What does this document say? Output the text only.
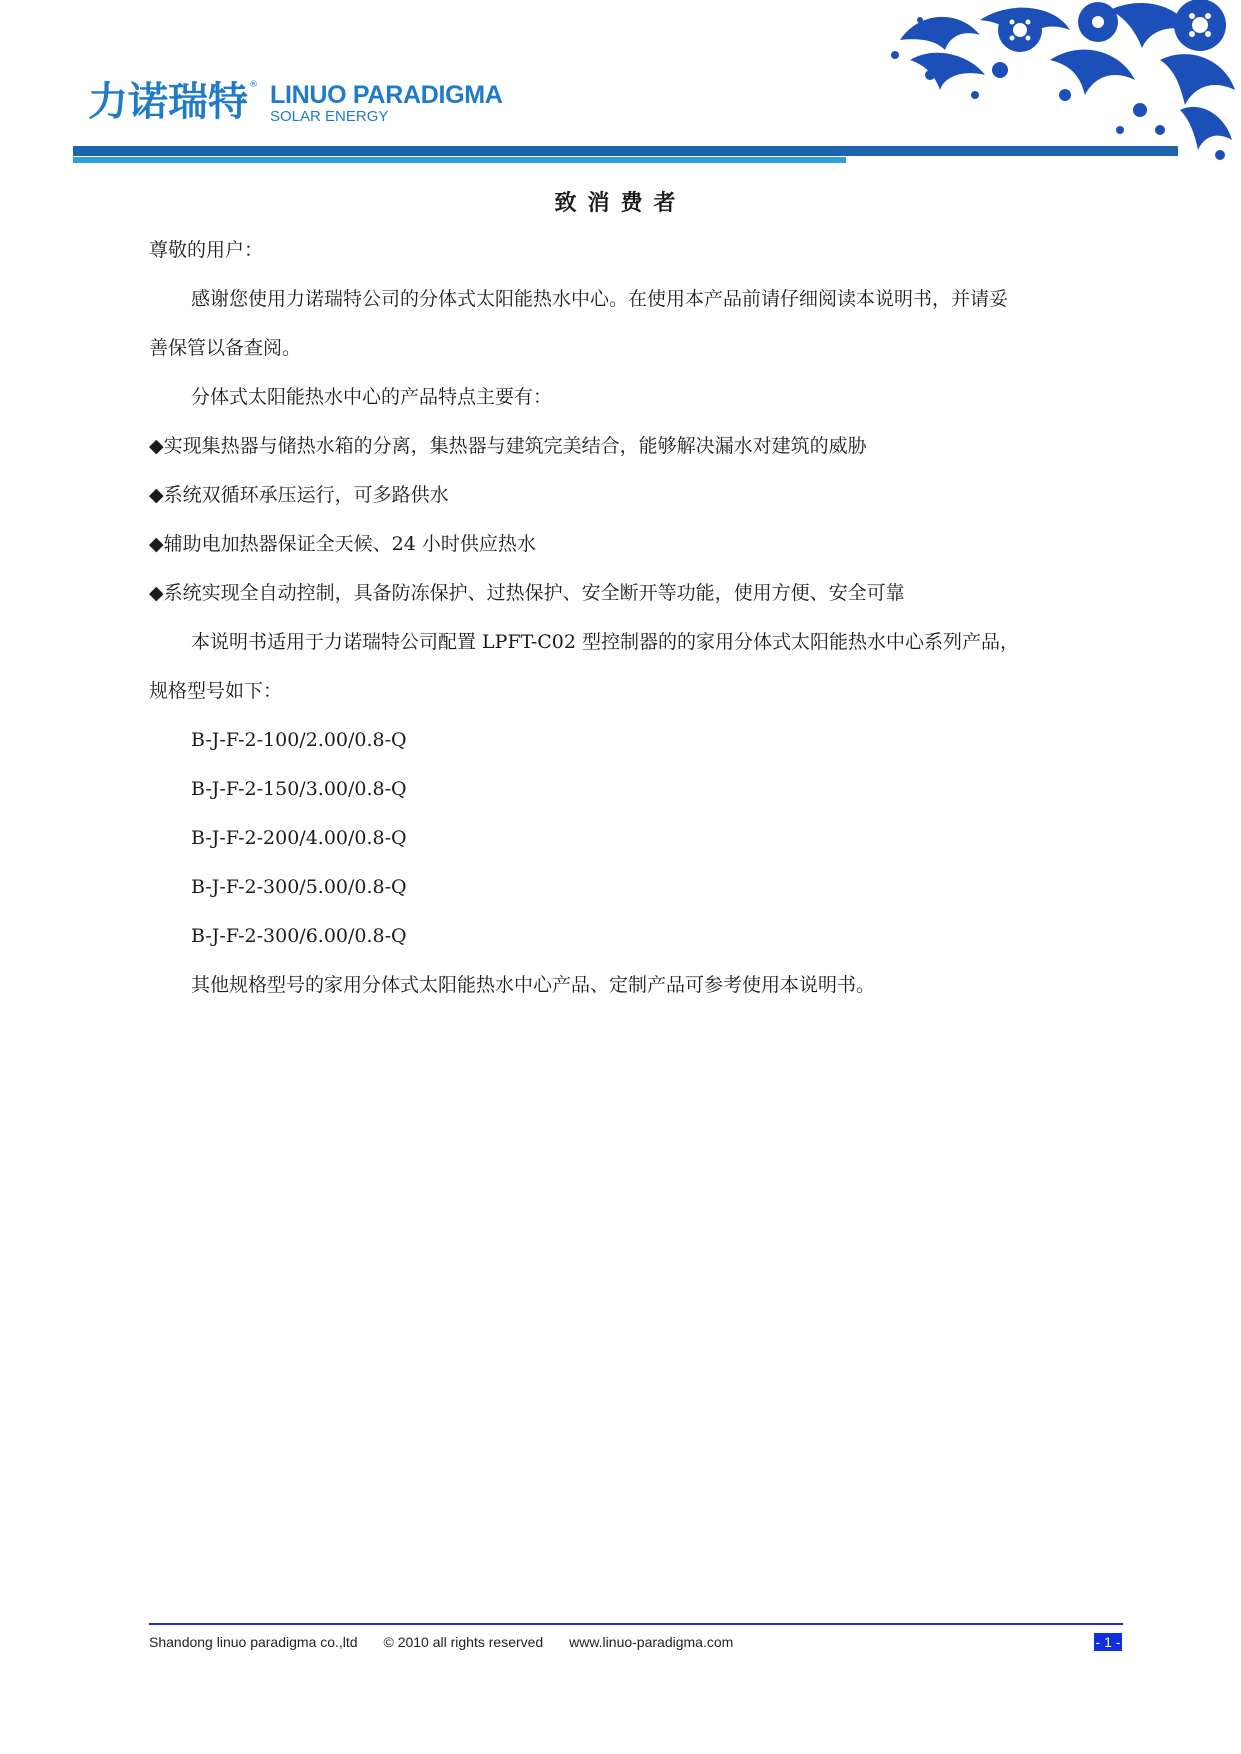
力诺瑞特 ® LINUO PARADIGMA
SOLAR ENERGY
致消费者
尊敬的用户：
感谢您使用力诺瑞特公司的分体式太阳能热水中心。在使用本产品前请仔细阅读本说明书，并请妥
善保管以备查阅。
分体式太阳能热水中心的产品特点主要有：
◆实现集热器与储热水箱的分离，集热器与建筑完美结合，能够解决漏水对建筑的威胁
◆系统双循环承压运行，可多路供水
◆辅助电加热器保证全天候、24 小时供应热水
◆系统实现全自动控制，具备防冻保护、过热保护、安全断开等功能，使用方便、安全可靠
本说明书适用于力诺瑞特公司配置 LPFT-C02 型控制器的的家用分体式太阳能热水中心系列产品，
规格型号如下：
B-J-F-2-100/2.00/0.8-Q
B-J-F-2-150/3.00/0.8-Q
B-J-F-2-200/4.00/0.8-Q
B-J-F-2-300/5.00/0.8-Q
B-J-F-2-300/6.00/0.8-Q
其他规格型号的家用分体式太阳能热水中心产品、定制产品可参考使用本说明书。
Shandong linuo paradigma co.,ltd © 2010 all rights reserved www.linuo-paradigma.com	- 1 -
